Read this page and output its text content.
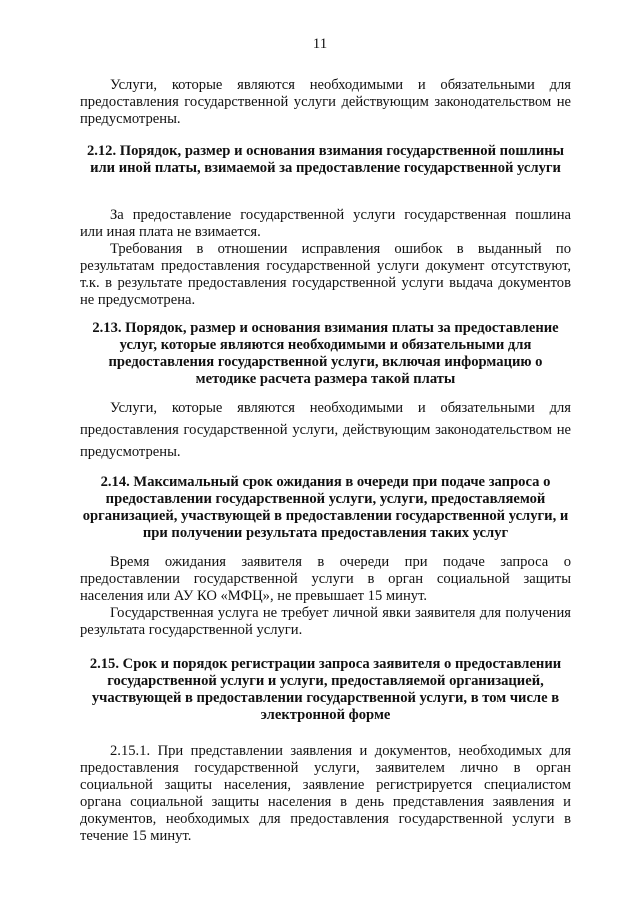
11

Услуги, которые являются необходимыми и обязательными для предоставления государственной услуги действующим законодательством не предусмотрены.

2.12. Порядок, размер и основания взимания государственной пошлины или иной платы, взимаемой за предоставление государственной услуги

За предоставление государственной услуги государственная пошлина или иная плата не взимается.

Требования в отношении исправления ошибок в выданный по результатам предоставления государственной услуги документ отсутствуют, т.к. в результате предоставления государственной услуги выдача документов не предусмотрена.

2.13. Порядок, размер и основания взимания платы за предоставление услуг, которые являются необходимыми и обязательными для предоставления государственной услуги, включая информацию о методике расчета размера такой платы

Услуги, которые являются необходимыми и обязательными для предоставления государственной услуги, действующим законодательством не предусмотрены.

2.14. Максимальный срок ожидания в очереди при подаче запроса о предоставлении государственной услуги, услуги, предоставляемой организацией, участвующей в предоставлении государственной услуги, и при получении результата предоставления таких услуг

Время ожидания заявителя в очереди при подаче запроса о предоставлении государственной услуги в орган социальной защиты населения или АУ КО «МФЦ», не превышает 15 минут.

Государственная услуга не требует личной явки заявителя для получения результата государственной услуги.

2.15. Срок и порядок регистрации запроса заявителя о предоставлении государственной услуги и услуги, предоставляемой организацией, участвующей в предоставлении государственной услуги, в том числе в электронной форме

2.15.1. При представлении заявления и документов, необходимых для предоставления государственной услуги, заявителем лично в орган социальной защиты населения, заявление регистрируется специалистом органа социальной защиты населения в день представления заявления и документов, необходимых для предоставления государственной услуги в течение 15 минут.
